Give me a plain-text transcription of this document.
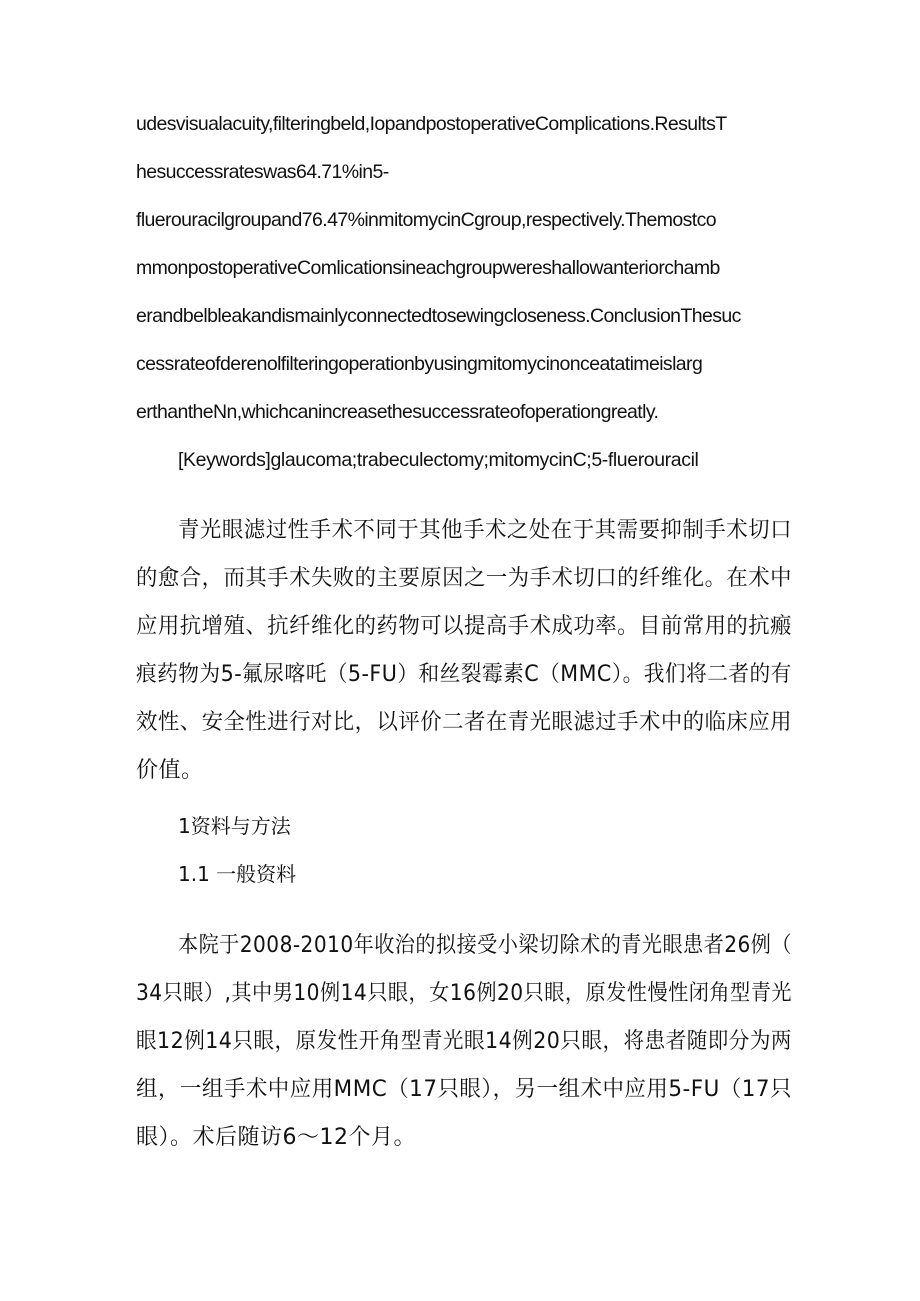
udesvisualacuity,filteringbeld,IopandpostoperativeComplications.ResultsT

hesuccessrateswas64.71%in5-

fluerouracilgroupand76.47%inmitomycinCgroup,respectively.Themostco

mmonpostoperativeComlicationsineachgroupwereshallowanteriorchamb

erandbelbleakandismainlyconnectedtosewingcloseness.ConclusionThesuc

cessrateofderenolfilteringoperationbyusingmitomycinonceatatimeislarg

erthantheNn,whichcanincreasethesuccessrateofoperationgreatly.

[Keywords]glaucoma;trabeculectomy;mitomycinC;5-fluerouracil

青光眼滤过性手术不同于其他手术之处在于其需要抑制手术切口

的愈合，而其手术失败的主要原因之一为手术切口的纤维化。在术中

应用抗增殖、抗纤维化的药物可以提高手术成功率。目前常用的抗瘢

痕药物为5-氟尿喀吒（5-FU）和丝裂霉素C（MMC）。我们将二者的有

效性、安全性进行对比，以评价二者在青光眼滤过手术中的临床应用

价值。

1资料与方法

1.1 一般资料

本院于2008-2010年收治的拟接受小梁切除术的青光眼患者26例（

34只眼）,其中男10例14只眼，女16例20只眼，原发性慢性闭角型青光

眼12例14只眼，原发性开角型青光眼14例20只眼，将患者随即分为两

组，一组手术中应用MMC（17只眼），另一组术中应用5-FU（17只

眼）。术后随访6～12个月。
